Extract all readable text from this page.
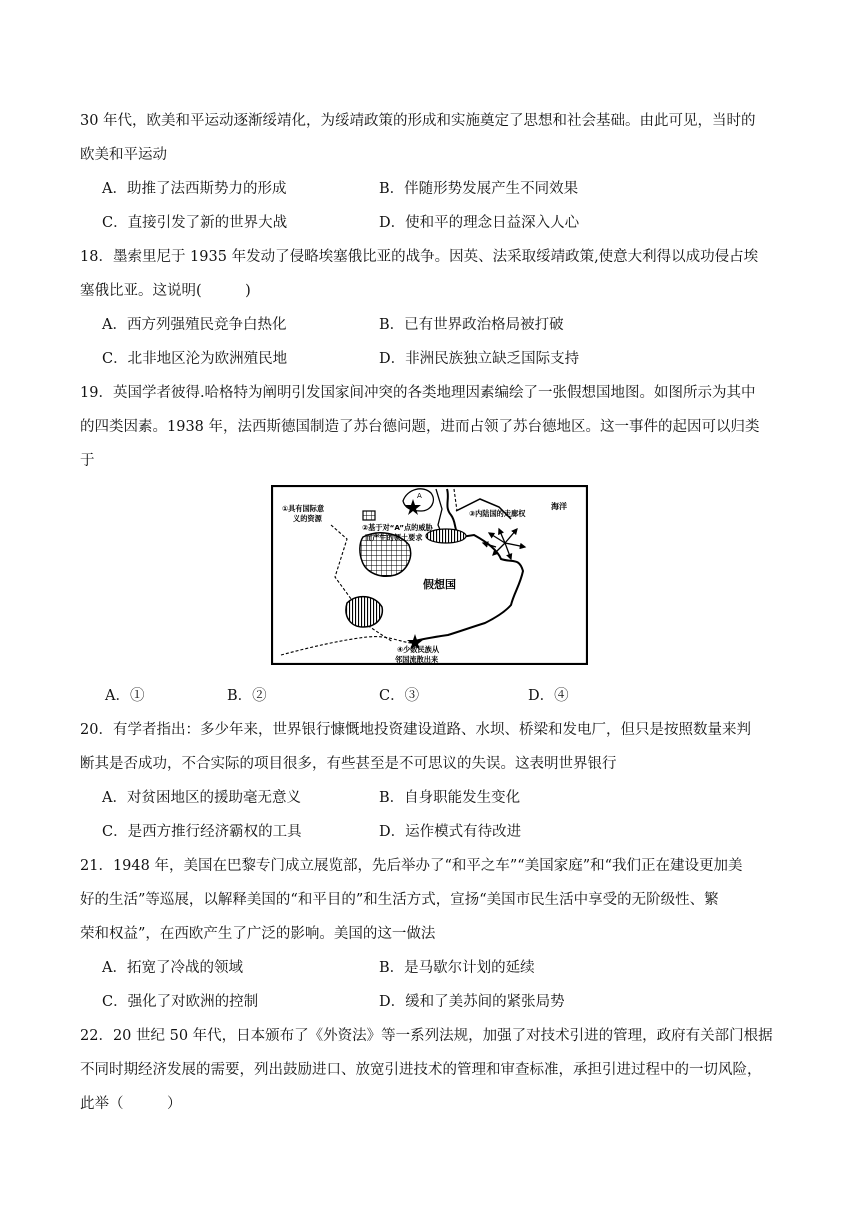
30 年代，欧美和平运动逐渐绥靖化，为绥靖政策的形成和实施奠定了思想和社会基础。由此可见，当时的
欧美和平运动
A．助推了法西斯势力的形成	B．伴随形势发展产生不同效果
C．直接引发了新的世界大战	D．使和平的理念日益深入人心
18．墨索里尼于 1935 年发动了侵略埃塞俄比亚的战争。因英、法采取绥靖政策,使意大利得以成功侵占埃
塞俄比亚。这说明(　　　)
A．西方列强殖民竞争白热化	B．已有世界政治格局被打破
C．北非地区沦为欧洲殖民地	D．非洲民族独立缺乏国际支持
19．英国学者彼得.哈格特为阐明引发国家间冲突的各类地理因素编绘了一张假想国地图。如图所示为其中
的四类因素。1938 年，法西斯德国制造了苏台德问题，进而占领了苏台德地区。这一事件的起因可以归类
于
A
①具有国际意
义的资源
②基于对“A”点的威胁
而产生的领土要求
③内陆国的走廊权
海洋
假想国
④少数民族从
邻国流散出来
A．①	B．②	C．③	D．④
20．有学者指出：多少年来，世界银行慷慨地投资建设道路、水坝、桥梁和发电厂，但只是按照数量来判
断其是否成功，不合实际的项目很多，有些甚至是不可思议的失误。这表明世界银行
A．对贫困地区的援助毫无意义	B．自身职能发生变化
C．是西方推行经济霸权的工具	D．运作模式有待改进
21．1948 年，美国在巴黎专门成立展览部，先后举办了“和平之车”“美国家庭”和“我们正在建设更加美
好的生活”等巡展，以解释美国的“和平目的”和生活方式，宣扬“美国市民生活中享受的无阶级性、繁
荣和权益”，在西欧产生了广泛的影响。美国的这一做法
A．拓宽了冷战的领域	B．是马歇尔计划的延续
C．强化了对欧洲的控制	D．缓和了美苏间的紧张局势
22．20 世纪 50 年代，日本颁布了《外资法》等一系列法规，加强了对技术引进的管理，政府有关部门根据
不同时期经济发展的需要，列出鼓励进口、放宽引进技术的管理和审查标准，承担引进过程中的一切风险，
此举（　　　）
